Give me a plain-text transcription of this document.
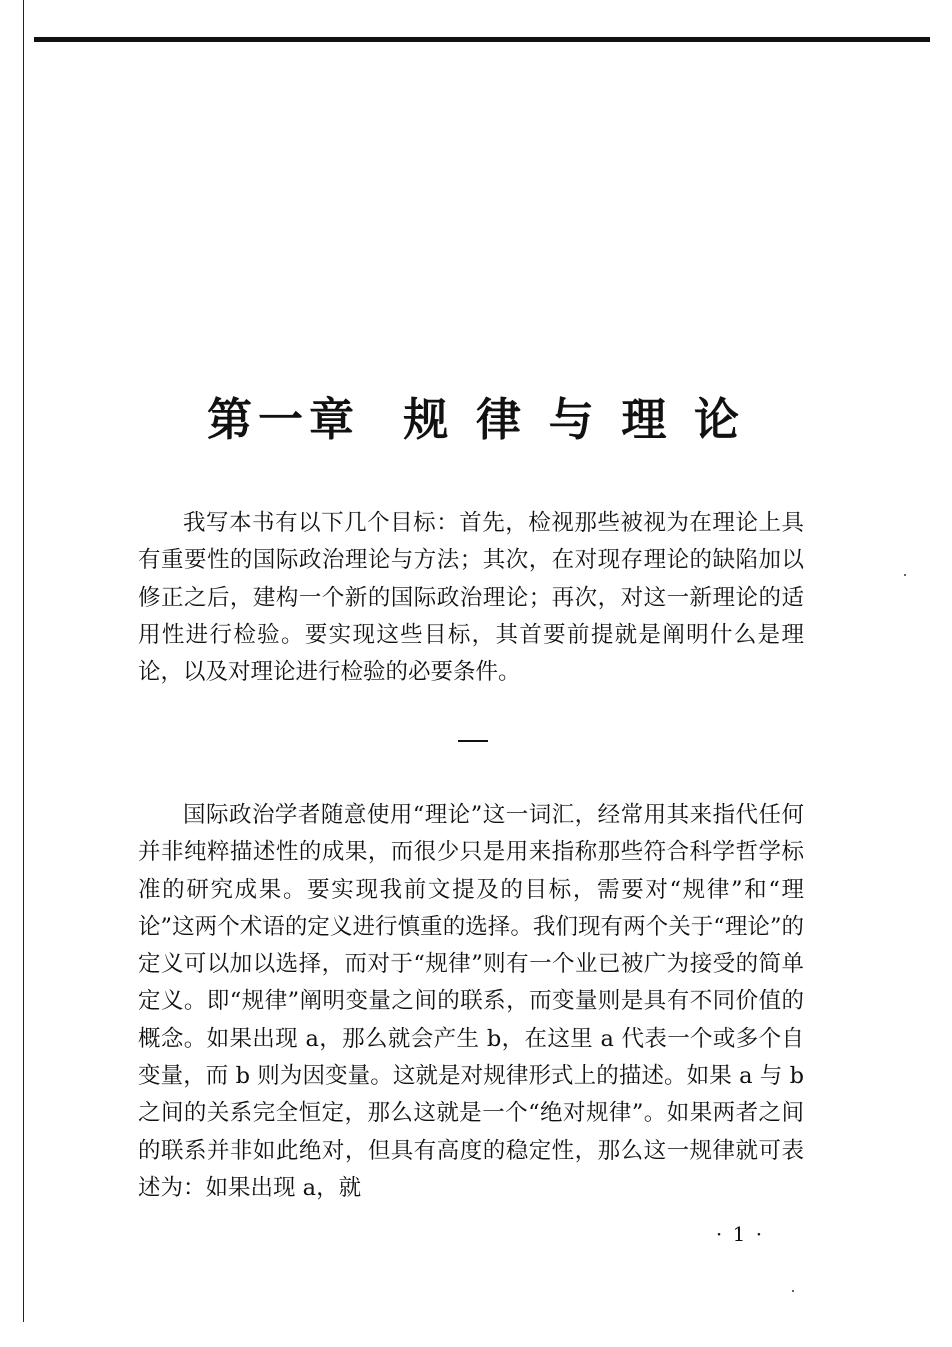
第一章  规 律 与 理 论

我写本书有以下几个目标：首先，检视那些被视为在理论上具有重要性的国际政治理论与方法；其次，在对现存理论的缺陷加以修正之后，建构一个新的国际政治理论；再次，对这一新理论的适用性进行检验。要实现这些目标，其首要前提就是阐明什么是理论，以及对理论进行检验的必要条件。

国际政治学者随意使用“理论”这一词汇，经常用其来指代任何并非纯粹描述性的成果，而很少只是用来指称那些符合科学哲学标准的研究成果。要实现我前文提及的目标，需要对“规律”和“理论”这两个术语的定义进行慎重的选择。我们现有两个关于“理论”的定义可以加以选择，而对于“规律”则有一个业已被广为接受的简单定义。即“规律”阐明变量之间的联系，而变量则是具有不同价值的概念。如果出现 a，那么就会产生 b，在这里 a 代表一个或多个自变量，而 b 则为因变量。这就是对规律形式上的描述。如果 a 与 b 之间的关系完全恒定，那么这就是一个“绝对规律”。如果两者之间的联系并非如此绝对，但具有高度的稳定性，那么这一规律就可表述为：如果出现 a，就

· 1 ·
